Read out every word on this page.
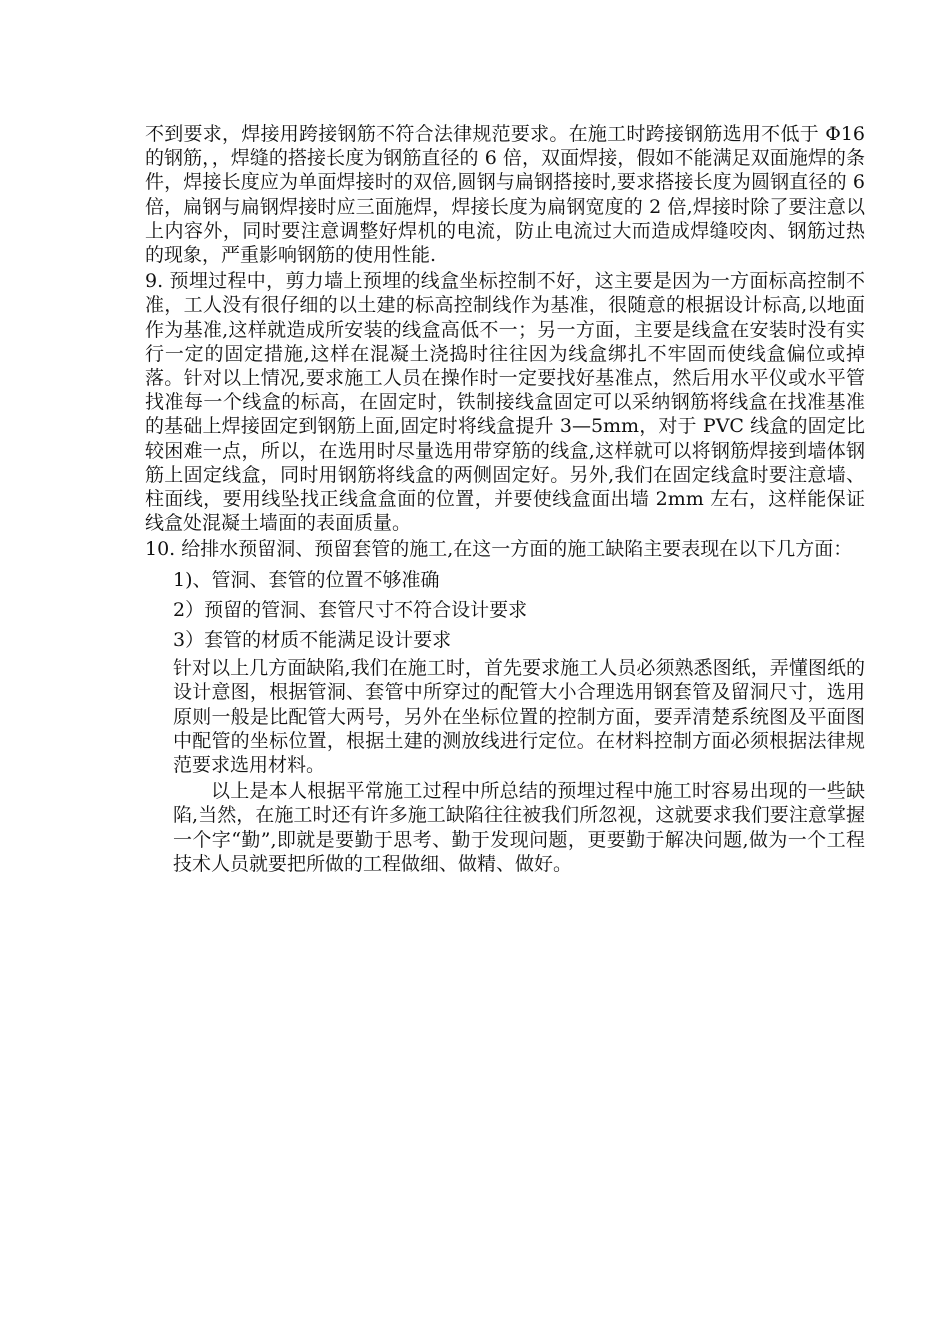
不到要求，焊接用跨接钢筋不符合法律规范要求。在施工时跨接钢筋选用不低于 Φ16 的钢筋，，焊缝的搭接长度为钢筋直径的 6 倍，双面焊接，假如不能满足双面施焊的条件，焊接长度应为单面焊接时的双倍,圆钢与扁钢搭接时,要求搭接长度为圆钢直径的 6 倍，扁钢与扁钢焊接时应三面施焊，焊接长度为扁钢宽度的 2 倍,焊接时除了要注意以上内容外，同时要注意调整好焊机的电流，防止电流过大而造成焊缝咬肉、钢筋过热的现象，严重影响钢筋的使用性能.

9. 预埋过程中，剪力墙上预埋的线盒坐标控制不好，这主要是因为一方面标高控制不准，工人没有很仔细的以土建的标高控制线作为基准，很随意的根据设计标高,以地面作为基准,这样就造成所安装的线盒高低不一；另一方面，主要是线盒在安装时没有实行一定的固定措施,这样在混凝土浇捣时往往因为线盒绑扎不牢固而使线盒偏位或掉落。针对以上情况,要求施工人员在操作时一定要找好基准点，然后用水平仪或水平管找准每一个线盒的标高，在固定时，铁制接线盒固定可以采纳钢筋将线盒在找准基准的基础上焊接固定到钢筋上面,固定时将线盒提升 3—5mm，对于 PVC 线盒的固定比较困难一点，所以，在选用时尽量选用带穿筋的线盒,这样就可以将钢筋焊接到墙体钢筋上固定线盒，同时用钢筋将线盒的两侧固定好。另外,我们在固定线盒时要注意墙、柱面线，要用线坠找正线盒盒面的位置，并要使线盒面出墙 2mm 左右，这样能保证线盒处混凝土墙面的表面质量。

10. 给排水预留洞、预留套管的施工,在这一方面的施工缺陷主要表现在以下几方面：

1)、管洞、套管的位置不够准确
2）预留的管洞、套管尺寸不符合设计要求
3）套管的材质不能满足设计要求

针对以上几方面缺陷,我们在施工时，首先要求施工人员必须熟悉图纸，弄懂图纸的设计意图，根据管洞、套管中所穿过的配管大小合理选用钢套管及留洞尺寸，选用原则一般是比配管大两号，另外在坐标位置的控制方面，要弄清楚系统图及平面图中配管的坐标位置，根据土建的测放线进行定位。在材料控制方面必须根据法律规范要求选用材料。

以上是本人根据平常施工过程中所总结的预埋过程中施工时容易出现的一些缺陷,当然，在施工时还有许多施工缺陷往往被我们所忽视，这就要求我们要注意掌握一个字“勤”,即就是要勤于思考、勤于发现问题，更要勤于解决问题,做为一个工程技术人员就要把所做的工程做细、做精、做好。
